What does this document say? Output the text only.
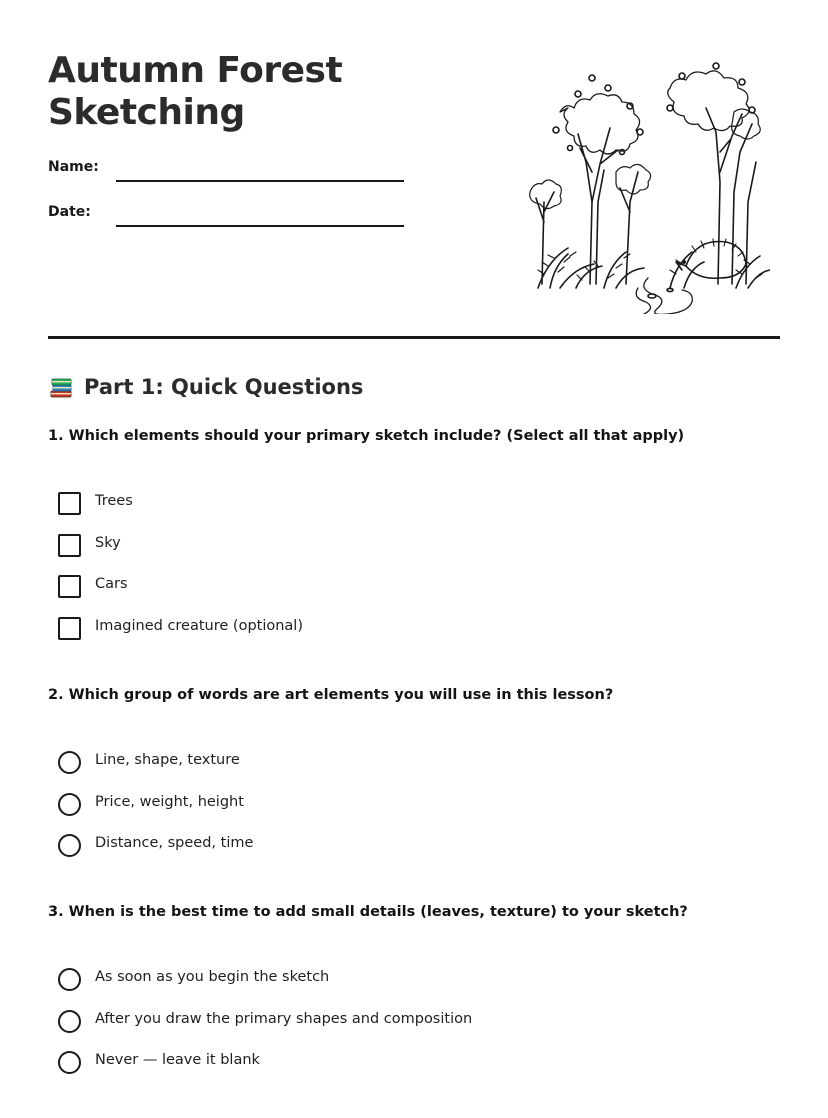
Autumn Forest
Sketching
Name:
Date:
Part 1: Quick Questions

1. Which elements should your primary sketch include? (Select all that apply)

Trees
Sky
Cars
Imagined creature (optional)

2. Which group of words are art elements you will use in this lesson?

Line, shape, texture
Price, weight, height
Distance, speed, time

3. When is the best time to add small details (leaves, texture) to your sketch?

As soon as you begin the sketch
After you draw the primary shapes and composition
Never — leave it blank
